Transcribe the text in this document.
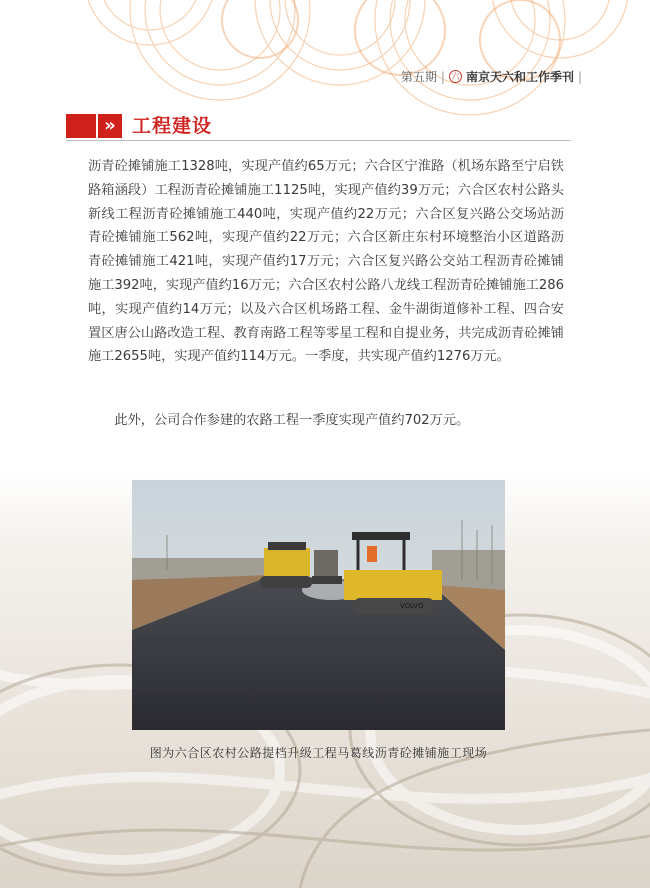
第五期 | 六 南京天六和工作季刊 |
» 工程建设
沥青砼摊铺施工1328吨，实现产值约65万元；六合区宁淮路（机场东路至宁启铁路箱涵段）工程沥青砼摊铺施工1125吨，实现产值约39万元；六合区农村公路头新线工程沥青砼摊铺施工440吨，实现产值约22万元；六合区复兴路公交场站沥青砼摊铺施工562吨，实现产值约22万元；六合区新庄东村环境整治小区道路沥青砼摊铺施工421吨，实现产值约17万元；六合区复兴路公交站工程沥青砼摊铺施工392吨，实现产值约16万元；六合区农村公路八龙线工程沥青砼摊铺施工286吨，实现产值约14万元；以及六合区机场路工程、金牛湖街道修补工程、四合安置区唐公山路改造工程、教育南路工程等零星工程和自提业务，共完成沥青砼摊铺施工2655吨，实现产值约114万元。一季度，共实现产值约1276万元。
此外，公司合作参建的农路工程一季度实现产值约702万元。
VOLVO
图为六合区农村公路提档升级工程马葛线沥青砼摊铺施工现场
